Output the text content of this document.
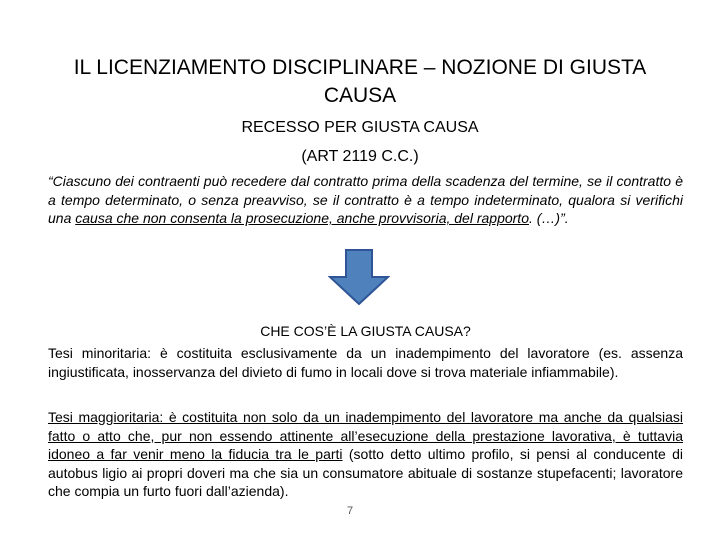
IL LICENZIAMENTO DISCIPLINARE – NOZIONE DI GIUSTA CAUSA

RECESSO PER GIUSTA CAUSA

(ART 2119 C.C.)

“Ciascuno dei contraenti può recedere dal contratto prima della scadenza del termine, se il contratto è a tempo determinato, o senza preavviso, se il contratto è a tempo indeterminato, qualora si verifichi una causa che non consenta la prosecuzione, anche provvisoria, del rapporto. (…)”.

CHE COS’È LA GIUSTA CAUSA?

Tesi minoritaria: è costituita esclusivamente da un inadempimento del lavoratore (es. assenza ingiustificata, inosservanza del divieto di fumo in locali dove si trova materiale infiammabile).

Tesi maggioritaria: è costituita non solo da un inadempimento del lavoratore ma anche da qualsiasi fatto o atto che, pur non essendo attinente all’esecuzione della prestazione lavorativa, è tuttavia idoneo a far venir meno la fiducia tra le parti (sotto detto ultimo profilo, si pensi al conducente di autobus ligio ai propri doveri ma che sia un consumatore abituale di sostanze stupefacenti; lavoratore che compia un furto fuori dall’azienda).

7
